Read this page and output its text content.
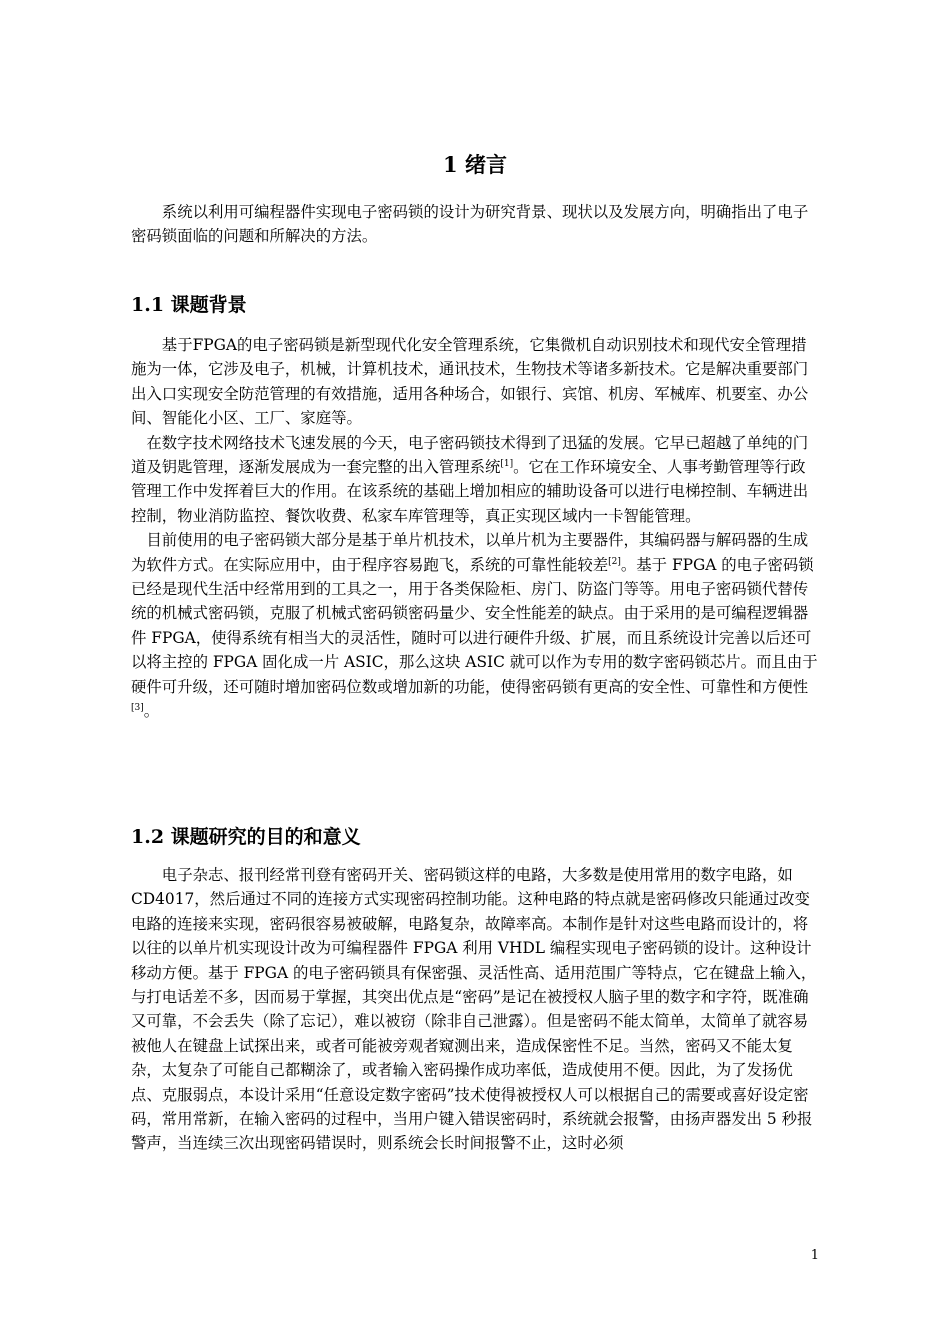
1 绪言

系统以利用可编程器件实现电子密码锁的设计为研究背景、现状以及发展方向，明确指出了电子密码锁面临的问题和所解决的方法。

1.1 课题背景

基于FPGA的电子密码锁是新型现代化安全管理系统，它集微机自动识别技术和现代安全管理措施为一体，它涉及电子，机械，计算机技术，通讯技术，生物技术等诸多新技术。它是解决重要部门出入口实现安全防范管理的有效措施，适用各种场合，如银行、宾馆、机房、军械库、机要室、办公间、智能化小区、工厂、家庭等。

在数字技术网络技术飞速发展的今天，电子密码锁技术得到了迅猛的发展。它早已超越了单纯的门道及钥匙管理，逐渐发展成为一套完整的出入管理系统[1]。它在工作环境安全、人事考勤管理等行政管理工作中发挥着巨大的作用。在该系统的基础上增加相应的辅助设备可以进行电梯控制、车辆进出控制，物业消防监控、餐饮收费、私家车库管理等，真正实现区域内一卡智能管理。

目前使用的电子密码锁大部分是基于单片机技术，以单片机为主要器件，其编码器与解码器的生成为软件方式。在实际应用中，由于程序容易跑飞，系统的可靠性能较差[2]。基于 FPGA 的电子密码锁已经是现代生活中经常用到的工具之一，用于各类保险柜、房门、防盗门等等。用电子密码锁代替传统的机械式密码锁，克服了机械式密码锁密码量少、安全性能差的缺点。由于采用的是可编程逻辑器件 FPGA，使得系统有相当大的灵活性，随时可以进行硬件升级、扩展，而且系统设计完善以后还可以将主控的 FPGA 固化成一片 ASIC，那么这块 ASIC 就可以作为专用的数字密码锁芯片。而且由于硬件可升级，还可随时增加密码位数或增加新的功能，使得密码锁有更高的安全性、可靠性和方便性[3]。

1.2 课题研究的目的和意义

电子杂志、报刊经常刊登有密码开关、密码锁这样的电路，大多数是使用常用的数字电路，如 CD4017，然后通过不同的连接方式实现密码控制功能。这种电路的特点就是密码修改只能通过改变电路的连接来实现，密码很容易被破解，电路复杂，故障率高。本制作是针对这些电路而设计的，将以往的以单片机实现设计改为可编程器件 FPGA 利用 VHDL 编程实现电子密码锁的设计。这种设计移动方便。基于 FPGA 的电子密码锁具有保密强、灵活性高、适用范围广等特点，它在键盘上输入，与打电话差不多，因而易于掌握，其突出优点是“密码”是记在被授权人脑子里的数字和字符，既准确又可靠，不会丢失（除了忘记），难以被窃（除非自己泄露）。但是密码不能太简单，太简单了就容易被他人在键盘上试探出来，或者可能被旁观者窥测出来，造成保密性不足。当然，密码又不能太复杂，太复杂了可能自己都糊涂了，或者输入密码操作成功率低，造成使用不便。因此，为了发扬优点、克服弱点，本设计采用“任意设定数字密码”技术使得被授权人可以根据自己的需要或喜好设定密码，常用常新，在输入密码的过程中，当用户键入错误密码时，系统就会报警，由扬声器发出 5 秒报警声，当连续三次出现密码错误时，则系统会长时间报警不止，这时必须

1
